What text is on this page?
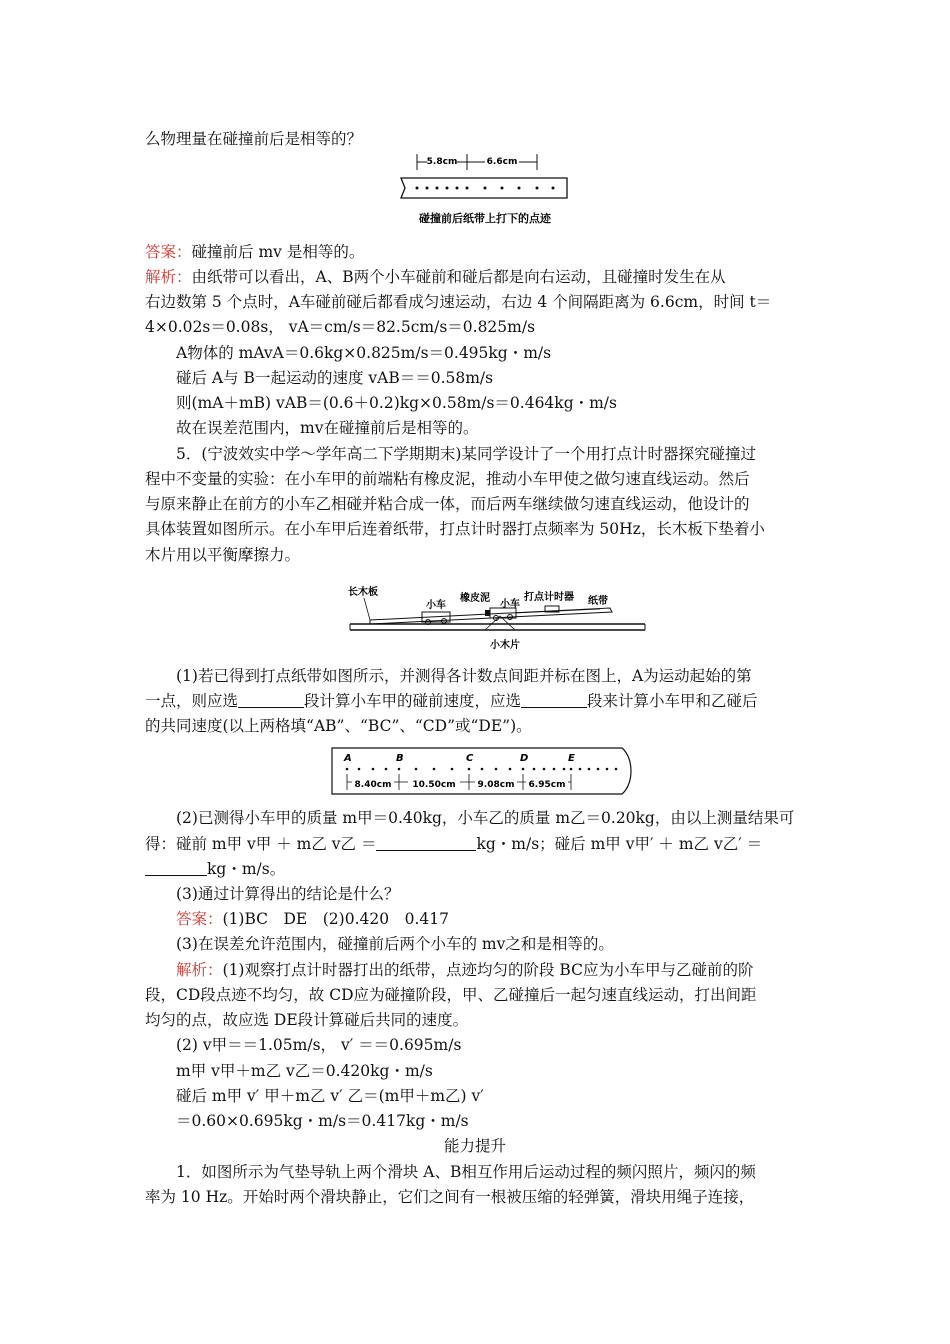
么物理量在碰撞前后是相等的？
5.8cm	6.6cm
碰撞前后纸带上打下的点迹
答案：碰撞前后 mv 是相等的。
解析：由纸带可以看出，A、B两个小车碰前和碰后都是向右运动，且碰撞时发生在从
右边数第 5 个点时，A车碰前碰后都看成匀速运动，右边 4 个间隔距离为 6.6cm，时间 t＝
4×0.02s＝0.08s， vA＝cm/s＝82.5cm/s＝0.825m/s
A物体的 mAvA＝0.6kg×0.825m/s＝0.495kg・m/s
碰后 A与 B一起运动的速度 vAB＝＝0.58m/s
则(mA＋mB) vAB＝(0.6＋0.2)kg×0.58m/s＝0.464kg・m/s
故在误差范围内，mv在碰撞前后是相等的。
5．(宁波效实中学～学年高二下学期期末)某同学设计了一个用打点计时器探究碰撞过
程中不变量的实验：在小车甲的前端粘有橡皮泥，推动小车甲使之做匀速直线运动。然后
与原来静止在前方的小车乙相碰并粘合成一体，而后两车继续做匀速直线运动，他设计的
具体装置如图所示。在小车甲后连着纸带，打点计时器打点频率为 50Hz，长木板下垫着小
木片用以平衡摩擦力。
长木板
小车
橡皮泥
小车
打点计时器 纸带
小木片
(1)若已得到打点纸带如图所示，并测得各计数点间距并标在图上，A为运动起始的第
一点，则应选	段计算小车甲的碰前速度，应选	段来计算小车甲和乙碰后
的共同速度(以上两格填“AB”、“BC”、“CD”或“DE”)。
A	B	C	D	E
8.40cm 10.50cm 9.08cm 6.95cm
(2)已测得小车甲的质量 m甲＝0.40kg，小车乙的质量 m乙＝0.20kg，由以上测量结果可
得：碰前 m甲 v甲 ＋ m乙 v乙 ＝	kg・m/s；碰后 m甲 v甲′ ＋ m乙 v乙′ ＝
kg・m/s。
(3)通过计算得出的结论是什么？
答案：(1)BC　DE　(2)0.420　0.417
(3)在误差允许范围内，碰撞前后两个小车的 mv之和是相等的。
解析：(1)观察打点计时器打出的纸带，点迹均匀的阶段 BC应为小车甲与乙碰前的阶
段，CD段点迹不均匀，故 CD应为碰撞阶段，甲、乙碰撞后一起匀速直线运动，打出间距
均匀的点，故应选 DE段计算碰后共同的速度。
(2) v甲＝＝1.05m/s， v′ ＝＝0.695m/s
m甲 v甲＋m乙 v乙＝0.420kg・m/s
碰后 m甲 v′ 甲＋m乙 v′ 乙＝(m甲＋m乙) v′
＝0.60×0.695kg・m/s＝0.417kg・m/s
能力提升
1．如图所示为气垫导轨上两个滑块 A、B相互作用后运动过程的频闪照片，频闪的频
率为 10 Hz。开始时两个滑块静止，它们之间有一根被压缩的轻弹簧，滑块用绳子连接，
